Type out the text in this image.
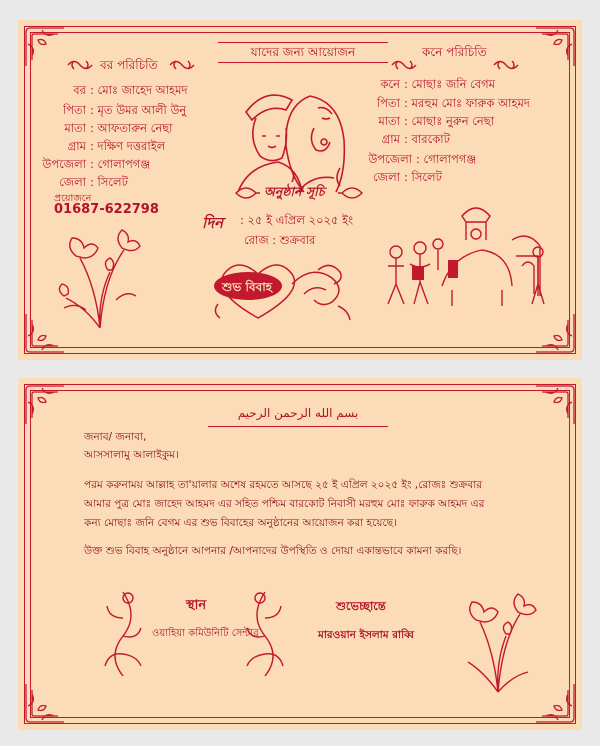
যাদের জন্য আয়োজন
বর পরিচিতি
কনে পরিচিতি
বর : মোঃ জাহেদ আহমদ
পিতা : মৃত উমর আলী উনু
মাতা : আফতারুন নেছা
গ্রাম : দক্ষিণ দত্তরাইল
উপজেলা : গোলাপগঞ্জ
জেলা : সিলেট
কনে : মোছাঃ জনি বেগম
পিতা : মরহুম মোঃ ফারুক আহমদ
মাতা : মোছাঃ নুরুন নেছা
গ্রাম : বারকোট
উপজেলা : গোলাপগঞ্জ
জেলা : সিলেট
প্রয়োজনে
01687-622798
অনুষ্ঠান সূচি
দিন : ২৫ ই এপ্রিল ২০২৫ ইং
রোজ : শুক্রবার
শুভ বিবাহ
بسم الله الرحمن الرحيم
জনাব/ জনাবা,
আসসালামু আলাইকুম।
পরম করুনাময় আল্লাহ তা'য়ালার অশেষ রহমতে আসছে ২৫ ই এপ্রিল ২০২৫ ইং ,রোজঃ শুক্রবার
আমার পুত্র মোঃ জাহেদ আহমদ এর সহিত পশ্চিম বারকোট নিবাসী মরহুম মোঃ ফারুক আহমদ এর
কন্য মোছাঃ জনি বেগম এর শুভ বিবাহের অনুষ্ঠানের আয়োজন করা হয়েছে।
উক্ত শুভ বিবাহ অনুষ্ঠানে আপনার /আপনাদের উপস্থিতি ও দোয়া একান্তভাবে কামনা করছি।
স্থান
ওয়াহিয়া কমিউনিটি সেন্টার
শুভেচ্ছান্তে
মারওয়ান ইসলাম রাব্বি
